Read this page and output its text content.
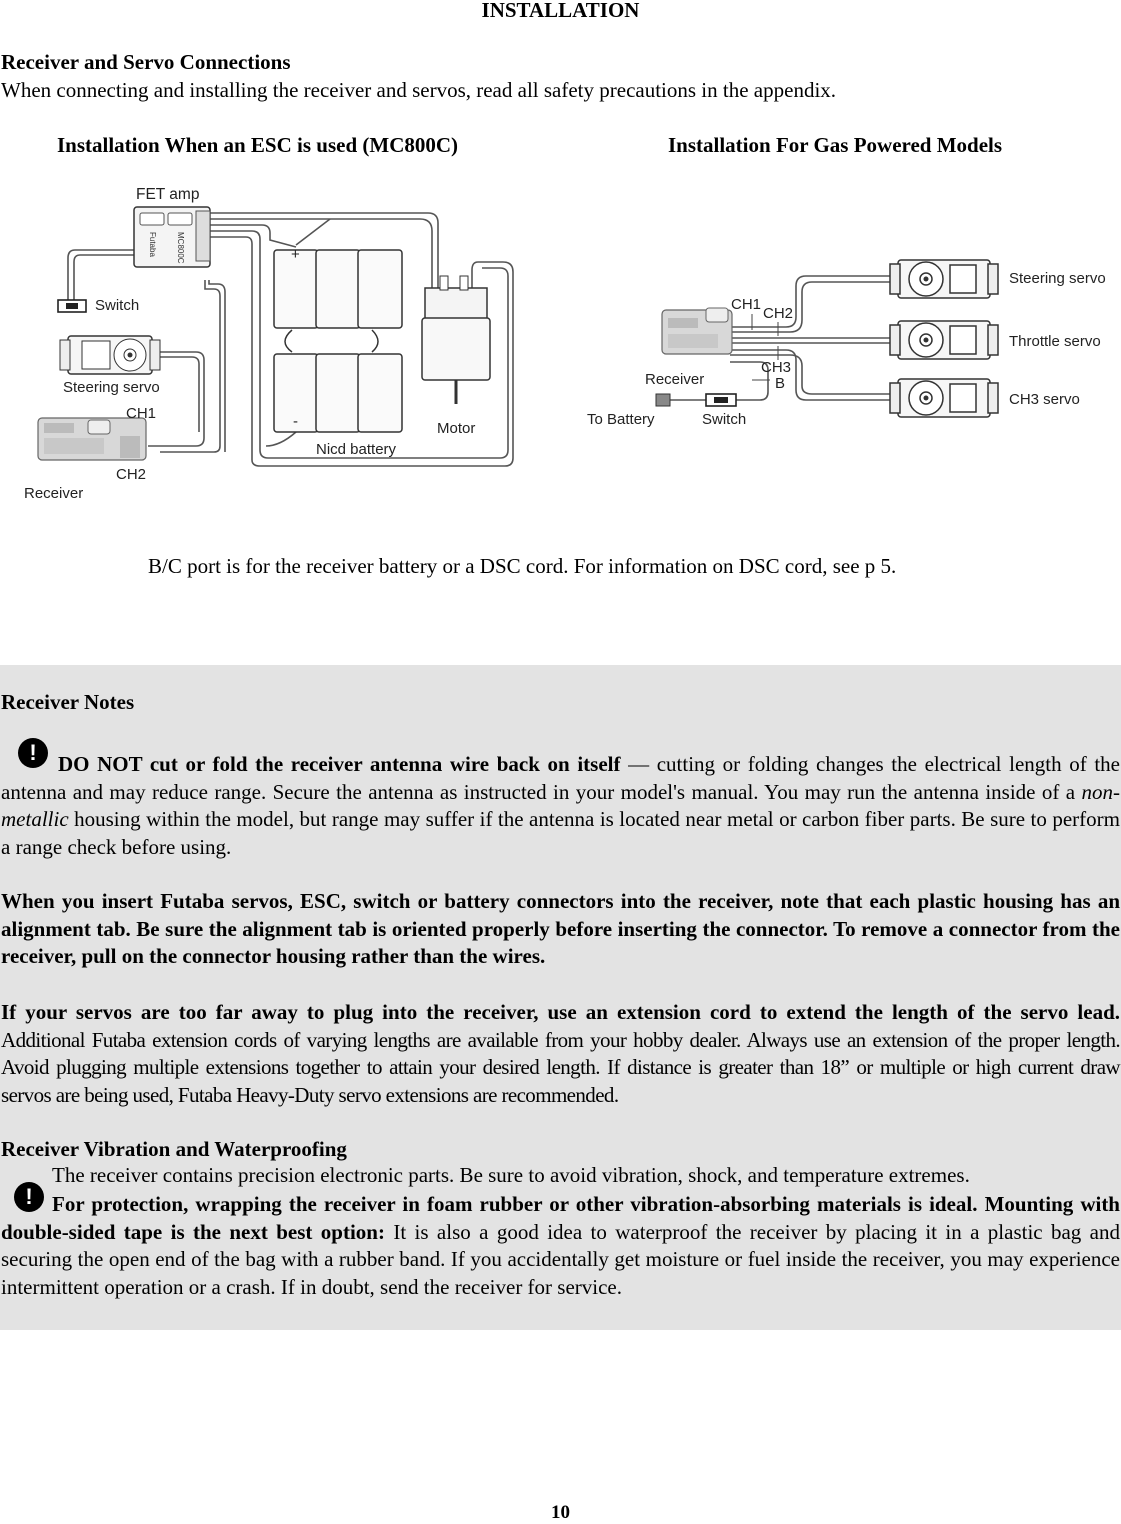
INSTALLATION
Receiver and Servo Connections
When connecting and installing the receiver and servos, read all safety precautions in the appendix.
Installation When an ESC is used (MC800C)	Installation For Gas Powered Models
Futaba MC800C
FET amp
Switch
Steering servo
CH1
CH2
Receiver
Nicd battery
Motor
+
-
CH1
CH2
CH3
B
Receiver
To Battery	Switch
Steering servo
Throttle servo
CH3 servo
B/C port is for the receiver battery or a DSC cord. For information on DSC cord, see p 5.
Receiver Notes
!	DO NOT cut or fold the receiver antenna wire back on itself — cutting or folding changes the electrical length of the antenna and may reduce range. Secure the antenna as instructed in your model's manual. You may run the antenna inside of a non-metallic housing within the model, but range may suffer if the antenna is located near metal or carbon fiber parts. Be sure to perform a range check before using.

When you insert Futaba servos, ESC, switch or battery connectors into the receiver, note that each plastic housing has an alignment tab. Be sure the alignment tab is oriented properly before inserting the connector. To remove a connector from the receiver, pull on the connector housing rather than the wires.

If your servos are too far away to plug into the receiver, use an extension cord to extend the length of the servo lead. Additional Futaba extension cords of varying lengths are available from your hobby dealer. Always use an extension of the proper length. Avoid plugging multiple extensions together to attain your desired length. If distance is greater than 18” or multiple or high current draw servos are being used, Futaba Heavy-Duty servo extensions are recommended.

Receiver Vibration and Waterproofing
!
The receiver contains precision electronic parts. Be sure to avoid vibration, shock, and temperature extremes.

For protection, wrapping the receiver in foam rubber or other vibration-absorbing materials is ideal. Mounting with double-sided tape is the next best option: It is also a good idea to waterproof the receiver by placing it in a plastic bag and securing the open end of the bag with a rubber band. If you accidentally get moisture or fuel inside the receiver, you may experience intermittent operation or a crash. If in doubt, send the receiver for service.

10
